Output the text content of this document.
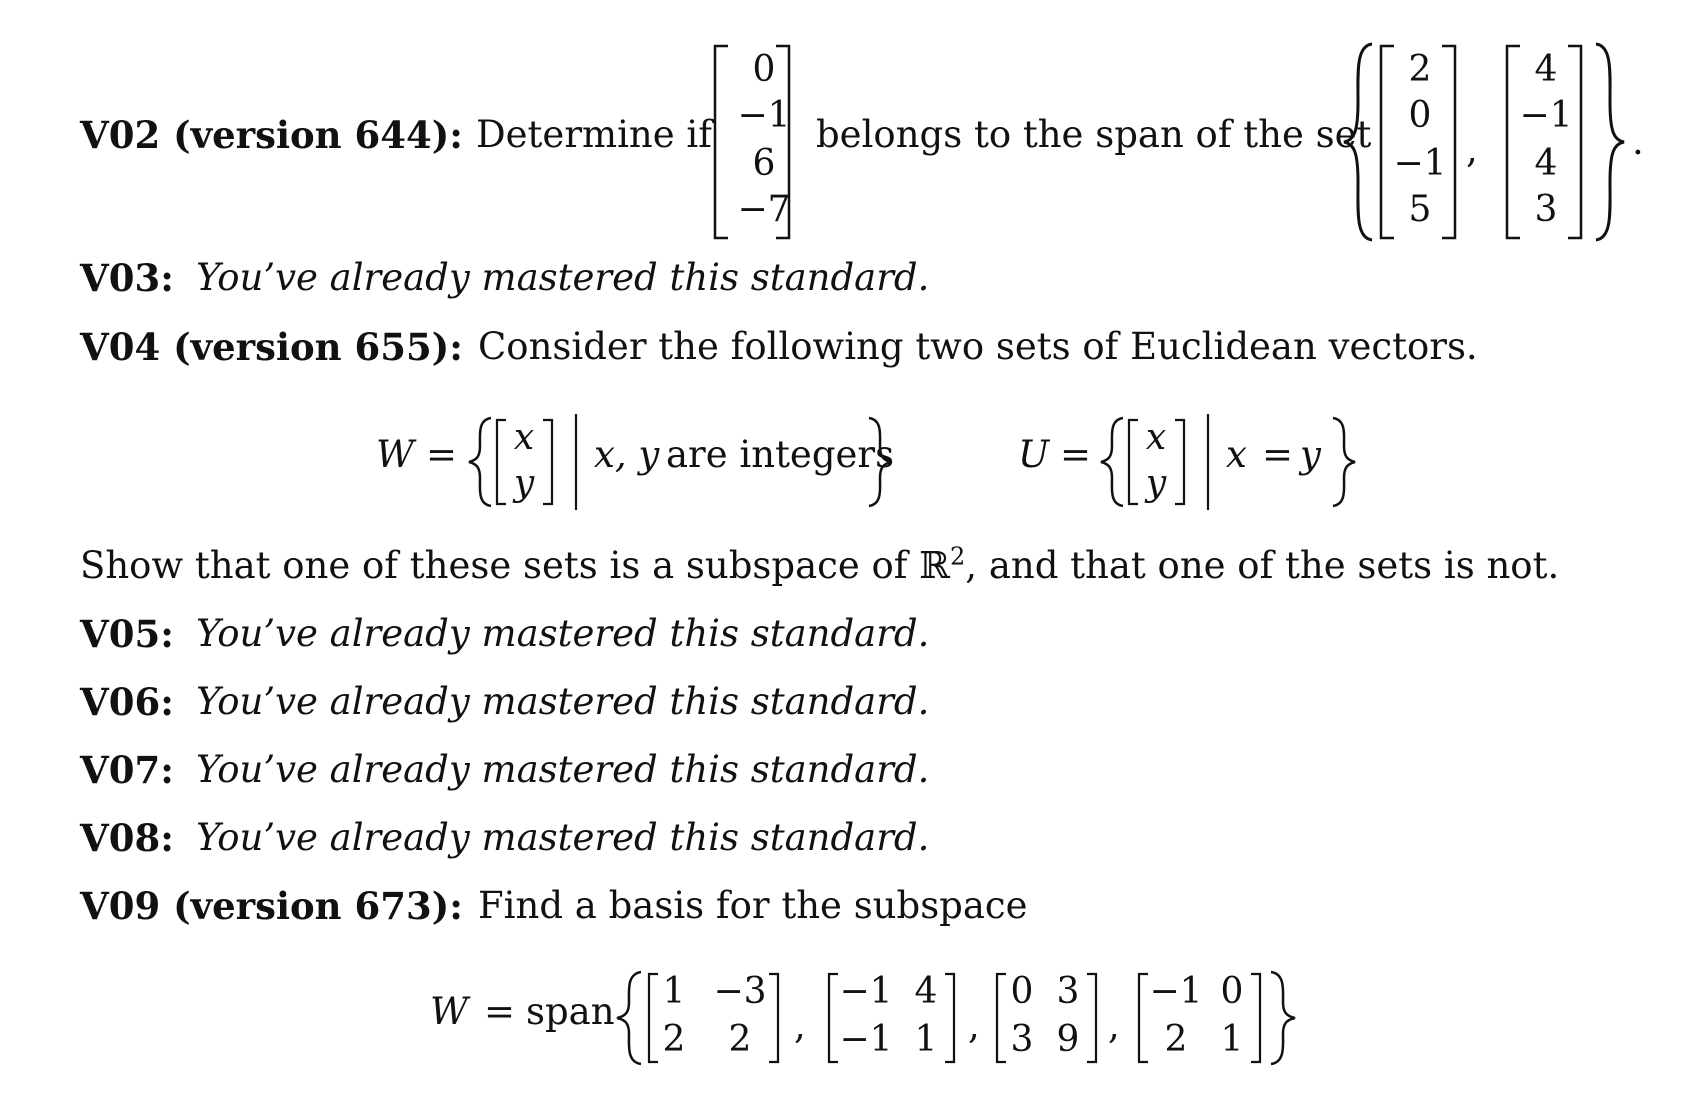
V02 (version 644): Determine if
0
−1
6
−7
belongs to the span of the set
2
0
−1
5
,
4
−1
4
3
.
V03: You’ve already mastered this standard.
V04 (version 655): Consider the following two sets of Euclidean vectors.
W = x
y
x, y are integers	U = x
y
x = y
Show that one of these sets is a subspace of ℝ$^2$, and that one of the sets is not.
V05: You’ve already mastered this standard.
V06: You’ve already mastered this standard.
V07: You’ve already mastered this standard.
V08: You’ve already mastered this standard.
V09 (version 673): Find a basis for the subspace
W = span 1 −3
2	2	,
−1 4
−1 1 ,
0 3
3 9 ,
−1 0
2 1
